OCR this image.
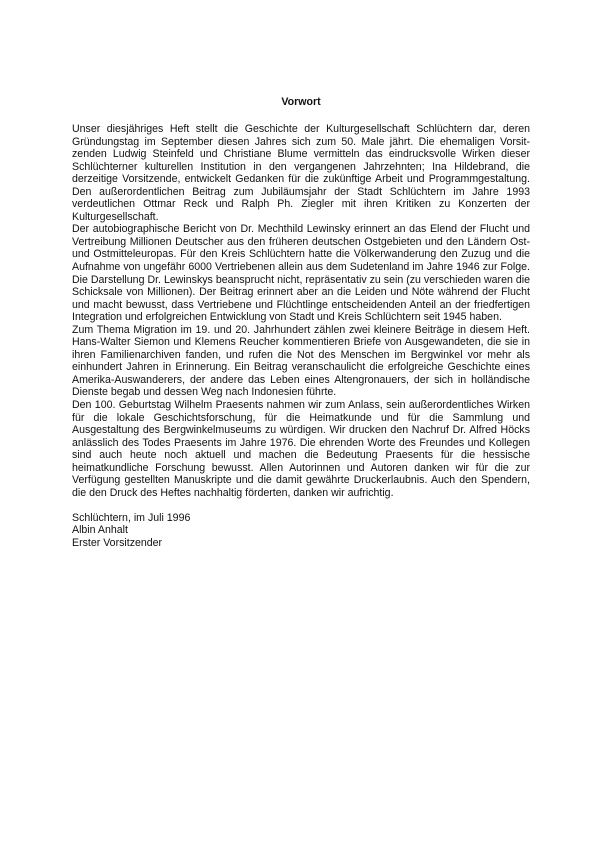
Vorwort

Unser diesjähriges Heft stellt die Geschichte der Kulturgesellschaft Schlüchtern dar, deren Gründungstag im September diesen Jahres sich zum 50. Male jährt. Die ehemaligen Vorsitzenden Ludwig Steinfeld und Christiane Blume vermitteln das eindrucksvolle Wirken dieser Schlüchterner kulturellen Institution in den vergangenen Jahrzehnten; Ina Hildebrand, die derzeitige Vorsitzende, entwickelt Gedanken für die zukünftige Arbeit und Programmgestaltung. Den außerordentlichen Beitrag zum Jubiläumsjahr der Stadt Schlüchtern im Jahre 1993 verdeutlichen Ottmar Reck und Ralph Ph. Ziegler mit ihren Kritiken zu Konzerten der Kulturgesellschaft.

Der autobiographische Bericht von Dr. Mechthild Lewinsky erinnert an das Elend der Flucht und Vertreibung Millionen Deutscher aus den früheren deutschen Ostgebieten und den Ländern Ost- und Ostmitteleuropas. Für den Kreis Schlüchtern hatte die Völkerwanderung den Zuzug und die Aufnahme von ungefähr 6000 Vertriebenen allein aus dem Sudetenland im Jahre 1946 zur Folge. Die Darstellung Dr. Lewinskys beansprucht nicht, repräsentativ zu sein (zu verschieden waren die Schicksale von Millionen). Der Beitrag erinnert aber an die Leiden und Nöte während der Flucht und macht bewusst, dass Vertriebene und Flüchtlinge entscheidenden Anteil an der friedfertigen Integration und erfolgreichen Entwicklung von Stadt und Kreis Schlüchtern seit 1945 haben.

Zum Thema Migration im 19. und 20. Jahrhundert zählen zwei kleinere Beiträge in diesem Heft. Hans-Walter Siemon und Klemens Reucher kommentieren Briefe von Ausgewandeten, die sie in ihren Familienarchiven fanden, und rufen die Not des Menschen im Bergwinkel vor mehr als einhundert Jahren in Erinnerung. Ein Beitrag veranschaulicht die erfolgreiche Geschichte eines Amerika-Auswanderers, der andere das Leben eines Altengronauers, der sich in holländische Dienste begab und dessen Weg nach Indonesien führte.

Den 100. Geburtstag Wilhelm Praesents nahmen wir zum Anlass, sein außerordentliches Wirken für die lokale Geschichtsforschung, für die Heimatkunde und für die Sammlung und Ausgestaltung des Bergwinkelmuseums zu würdigen. Wir drucken den Nachruf Dr. Alfred Höcks anlässlich des Todes Praesents im Jahre 1976. Die ehrenden Worte des Freundes und Kollegen sind auch heute noch aktuell und machen die Bedeutung Praesents für die hessische heimatkundliche Forschung bewusst. Allen Autorinnen und Autoren danken wir für die zur Verfügung gestellten Manuskripte und die damit gewährte Druckerlaubnis. Auch den Spendern, die den Druck des Heftes nachhaltig förderten, danken wir aufrichtig.

Schlüchtern, im Juli 1996
Albin Anhalt
Erster Vorsitzender
